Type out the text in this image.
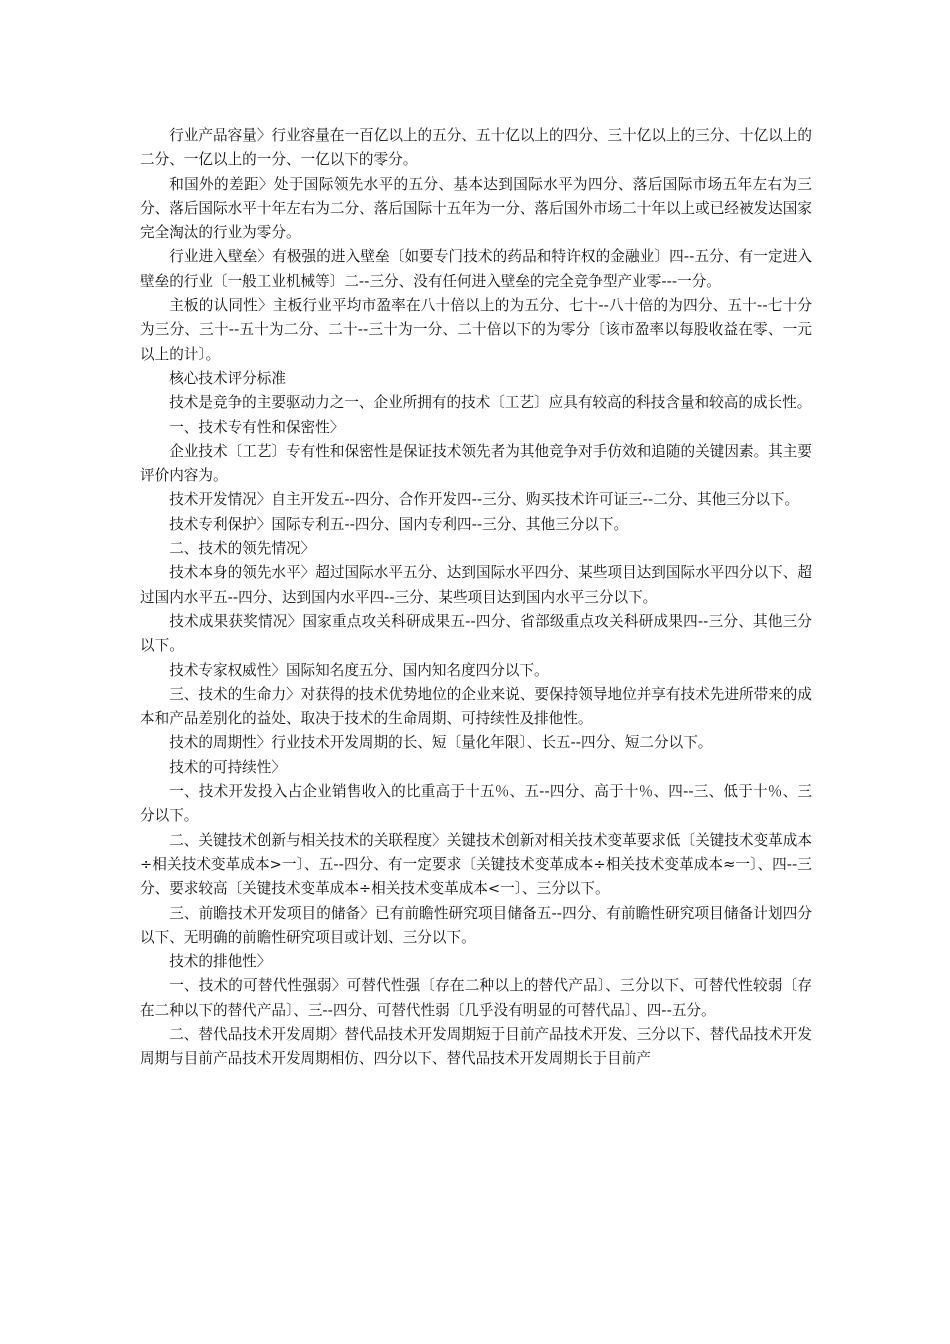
行业产品容量〉行业容量在一百亿以上的五分、五十亿以上的四分、三十亿以上的三分、十亿以上的二分、一亿以上的一分、一亿以下的零分。

和国外的差距〉处于国际领先水平的五分、基本达到国际水平为四分、落后国际市场五年左右为三分、落后国际水平十年左右为二分、落后国际十五年为一分、落后国外市场二十年以上或已经被发达国家完全淘汰的行业为零分。

行业进入壁垒〉有极强的进入壁垒〔如要专门技术的药品和特许权的金融业〕四--五分、有一定进入壁垒的行业〔一般工业机械等〕二--三分、没有任何进入壁垒的完全竞争型产业零---一分。

主板的认同性〉主板行业平均市盈率在八十倍以上的为五分、七十--八十倍的为四分、五十--七十分为三分、三十--五十为二分、二十--三十为一分、二十倍以下的为零分〔该市盈率以每股收益在零、一元以上的计〕。

核心技术评分标准

技术是竞争的主要驱动力之一、企业所拥有的技术〔工艺〕应具有较高的科技含量和较高的成长性。

一、技术专有性和保密性〉

企业技术〔工艺〕专有性和保密性是保证技术领先者为其他竞争对手仿效和追随的关键因素。其主要评价内容为。

技术开发情况〉自主开发五--四分、合作开发四--三分、购买技术许可证三--二分、其他三分以下。

技术专利保护〉国际专利五--四分、国内专利四--三分、其他三分以下。

二、技术的领先情况〉

技术本身的领先水平〉超过国际水平五分、达到国际水平四分、某些项目达到国际水平四分以下、超过国内水平五--四分、达到国内水平四--三分、某些项目达到国内水平三分以下。

技术成果获奖情况〉国家重点攻关科研成果五--四分、省部级重点攻关科研成果四--三分、其他三分以下。

技术专家权威性〉国际知名度五分、国内知名度四分以下。

三、技术的生命力〉对获得的技术优势地位的企业来说、要保持领导地位并享有技术先进所带来的成本和产品差别化的益处、取决于技术的生命周期、可持续性及排他性。

技术的周期性〉行业技术开发周期的长、短〔量化年限〕、长五--四分、短二分以下。

技术的可持续性〉

一、技术开发投入占企业销售收入的比重高于十五％、五--四分、高于十％、四--三、低于十％、三分以下。

二、关键技术创新与相关技术的关联程度〉关键技术创新对相关技术变革要求低〔关键技术变革成本÷相关技术变革成本>一〕、五--四分、有一定要求〔关键技术变革成本÷相关技术变革成本≈一〕、四--三分、要求较高〔关键技术变革成本÷相关技术变革成本<一〕、三分以下。

三、前瞻技术开发项目的储备〉已有前瞻性研究项目储备五--四分、有前瞻性研究项目储备计划四分以下、无明确的前瞻性研究项目或计划、三分以下。

技术的排他性〉

一、技术的可替代性强弱〉可替代性强〔存在二种以上的替代产品〕、三分以下、可替代性较弱〔存在二种以下的替代产品〕、三--四分、可替代性弱〔几乎没有明显的可替代品〕、四--五分。

二、替代品技术开发周期〉替代品技术开发周期短于目前产品技术开发、三分以下、替代品技术开发周期与目前产品技术开发周期相仿、四分以下、替代品技术开发周期长于目前产
